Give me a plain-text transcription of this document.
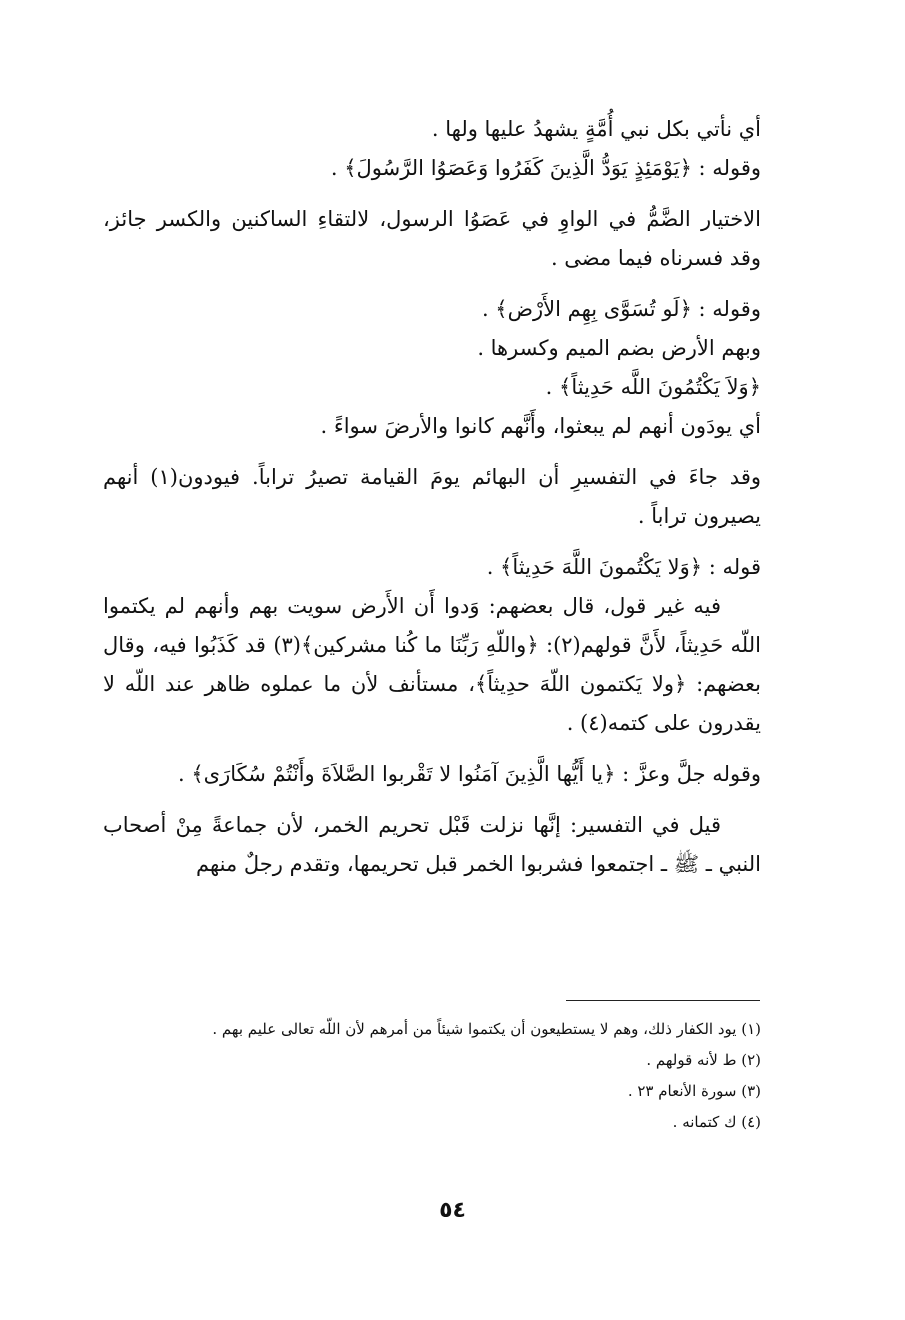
أي نأتي بكل نبي أُمَّةٍ يشهدُ عليها ولها .

وقوله : ﴿يَوْمَئِذٍ يَوَدُّ الَّذِينَ كَفَرُوا وَعَصَوُا الرَّسُولَ﴾ .

الاختيار الضَّمُّ في الواوِ في عَصَوُا الرسول، لالتقاءِ الساكنين والكسر جائز، وقد فسرناه فيما مضى .

وقوله : ﴿لَو تُسَوَّى بِهِم الأَرْض﴾ .

وبهم الأرض بضم الميم وكسرها .

﴿وَلاَ يَكْتُمُونَ اللَّه حَدِيثاً﴾ .

أي يودَون أنهم لم يبعثوا، وأَنَّهم كانوا والأرضَ سواءً .

وقد جاءَ في التفسيرِ أن البهائم يومَ القيامة تصيرُ تراباً. فيودون(١) أنهم يصيرون تراباً .

قوله : ﴿وَلا يَكْتُمونَ اللَّهَ حَدِيثاً﴾ .

فيه غير قول، قال بعضهم: وَدوا أَن الأَرض سويت بهم وأنهم لم يكتموا اللّه حَدِيثاً، لأَنَّ قولهم(٢): ﴿واللّهِ رَبِّنَا ما كُنا مشركين﴾(٣) قد كَذَبُوا فيه، وقال بعضهم: ﴿ولا يَكتمون اللّهَ حدِيثاً﴾، مستأنف لأن ما عملوه ظاهر عند اللّه لا يقدرون على كتمه(٤) .

وقوله جلَّ وعزَّ : ﴿يا أَيُّها الَّذِينَ آمَنُوا لا تَقْربوا الصَّلاَةَ وأَنْتُمْ سُكَارَى﴾ .

قيل في التفسير: إنَّها نزلت قَبْل تحريم الخمر، لأن جماعةً مِنْ أصحاب النبي ـ ﷺ ـ اجتمعوا فشربوا الخمر قبل تحريمها، وتقدم رجلٌ منهم

(١) يود الكفار ذلك، وهم لا يستطيعون أن يكتموا شيئاً من أمرهم لأن اللّه تعالى عليم بهم .

(٢) ط لأنه قولهم .

(٣) سورة الأنعام ٢٣ .

(٤) ك كتمانه .

٥٤
